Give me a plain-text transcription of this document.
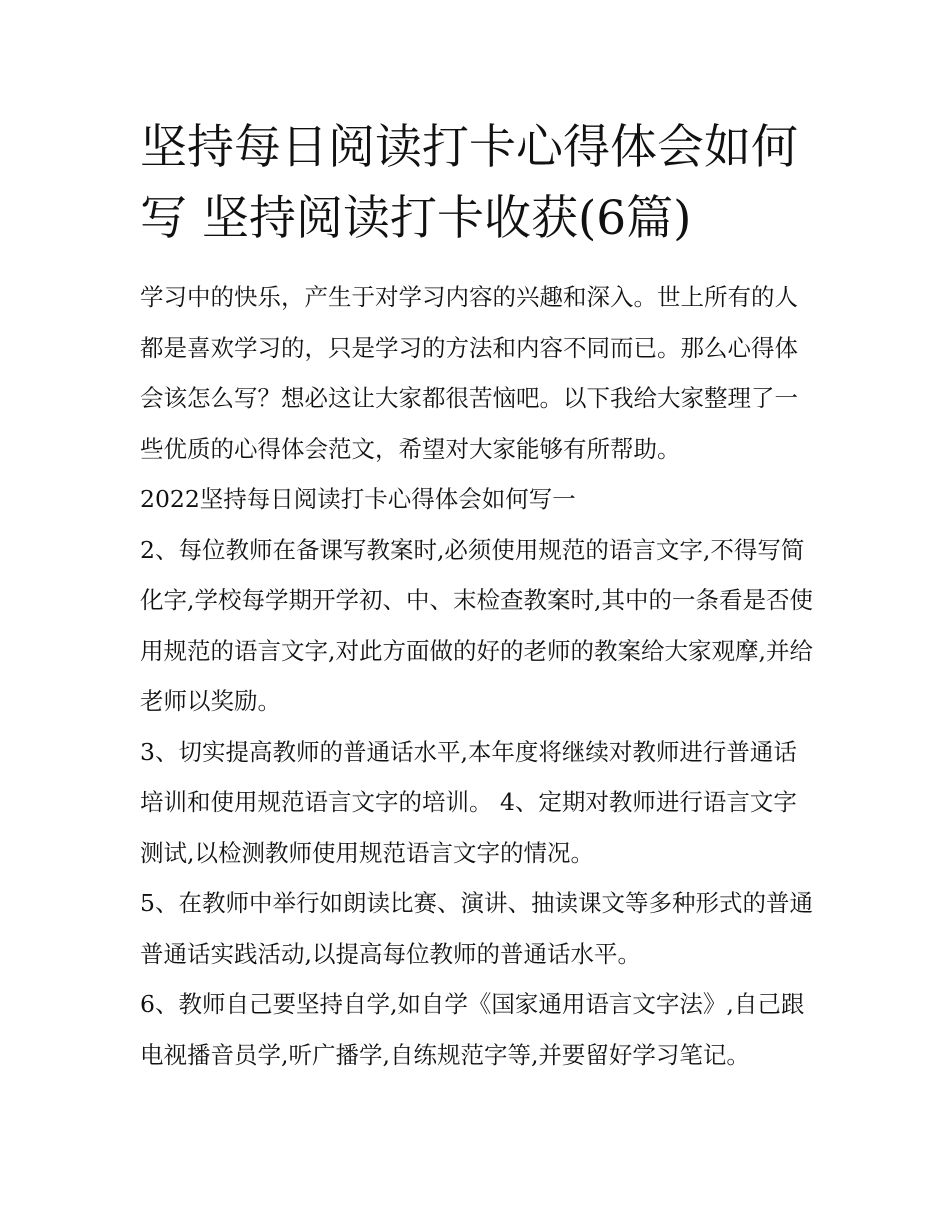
坚持每日阅读打卡心得体会如何写 坚持阅读打卡收获(6篇)

学习中的快乐，产生于对学习内容的兴趣和深入。世上所有的人都是喜欢学习的，只是学习的方法和内容不同而已。那么心得体会该怎么写？想必这让大家都很苦恼吧。以下我给大家整理了一些优质的心得体会范文，希望对大家能够有所帮助。

2022坚持每日阅读打卡心得体会如何写一

2、每位教师在备课写教案时,必须使用规范的语言文字,不得写简化字,学校每学期开学初、中、末检查教案时,其中的一条看是否使用规范的语言文字,对此方面做的好的老师的教案给大家观摩,并给老师以奖励。

3、切实提高教师的普通话水平,本年度将继续对教师进行普通话培训和使用规范语言文字的培训。 4、定期对教师进行语言文字测试,以检测教师使用规范语言文字的情况。

5、在教师中举行如朗读比赛、演讲、抽读课文等多种形式的普通普通话实践活动,以提高每位教师的普通话水平。

6、教师自己要坚持自学,如自学《国家通用语言文字法》,自己跟电视播音员学,听广播学,自练规范字等,并要留好学习笔记。
